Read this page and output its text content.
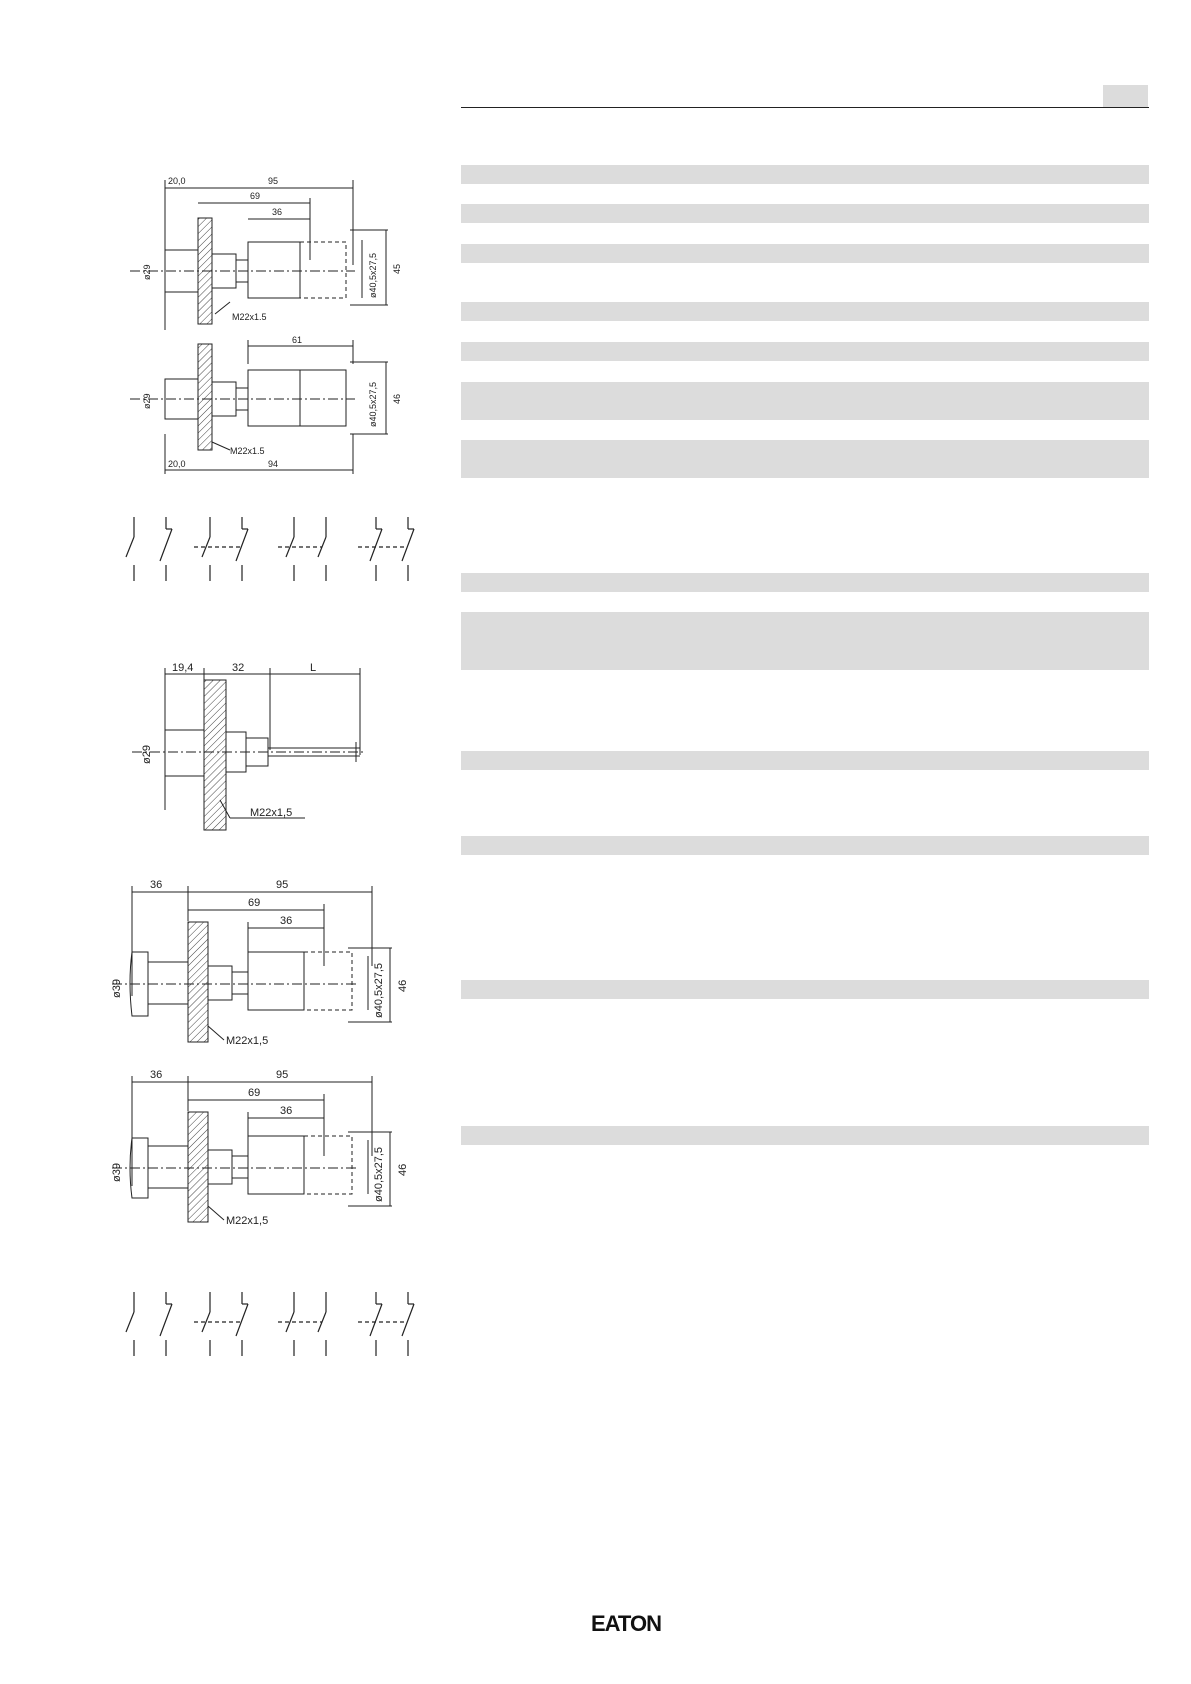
20,0	95
69
36
ø29	ø40,5x27,5 45
M22x1.5
61
ø29	ø40,5x27,5 46
M22x1.5
20,0	94
19,4	32	L
ø29
M22x1,5
36	95
69
36
ø39	ø40,5x27,5 46
M22x1,5
36	95
69
36
ø39	ø40,5x27,5 46
M22x1,5
EATON
